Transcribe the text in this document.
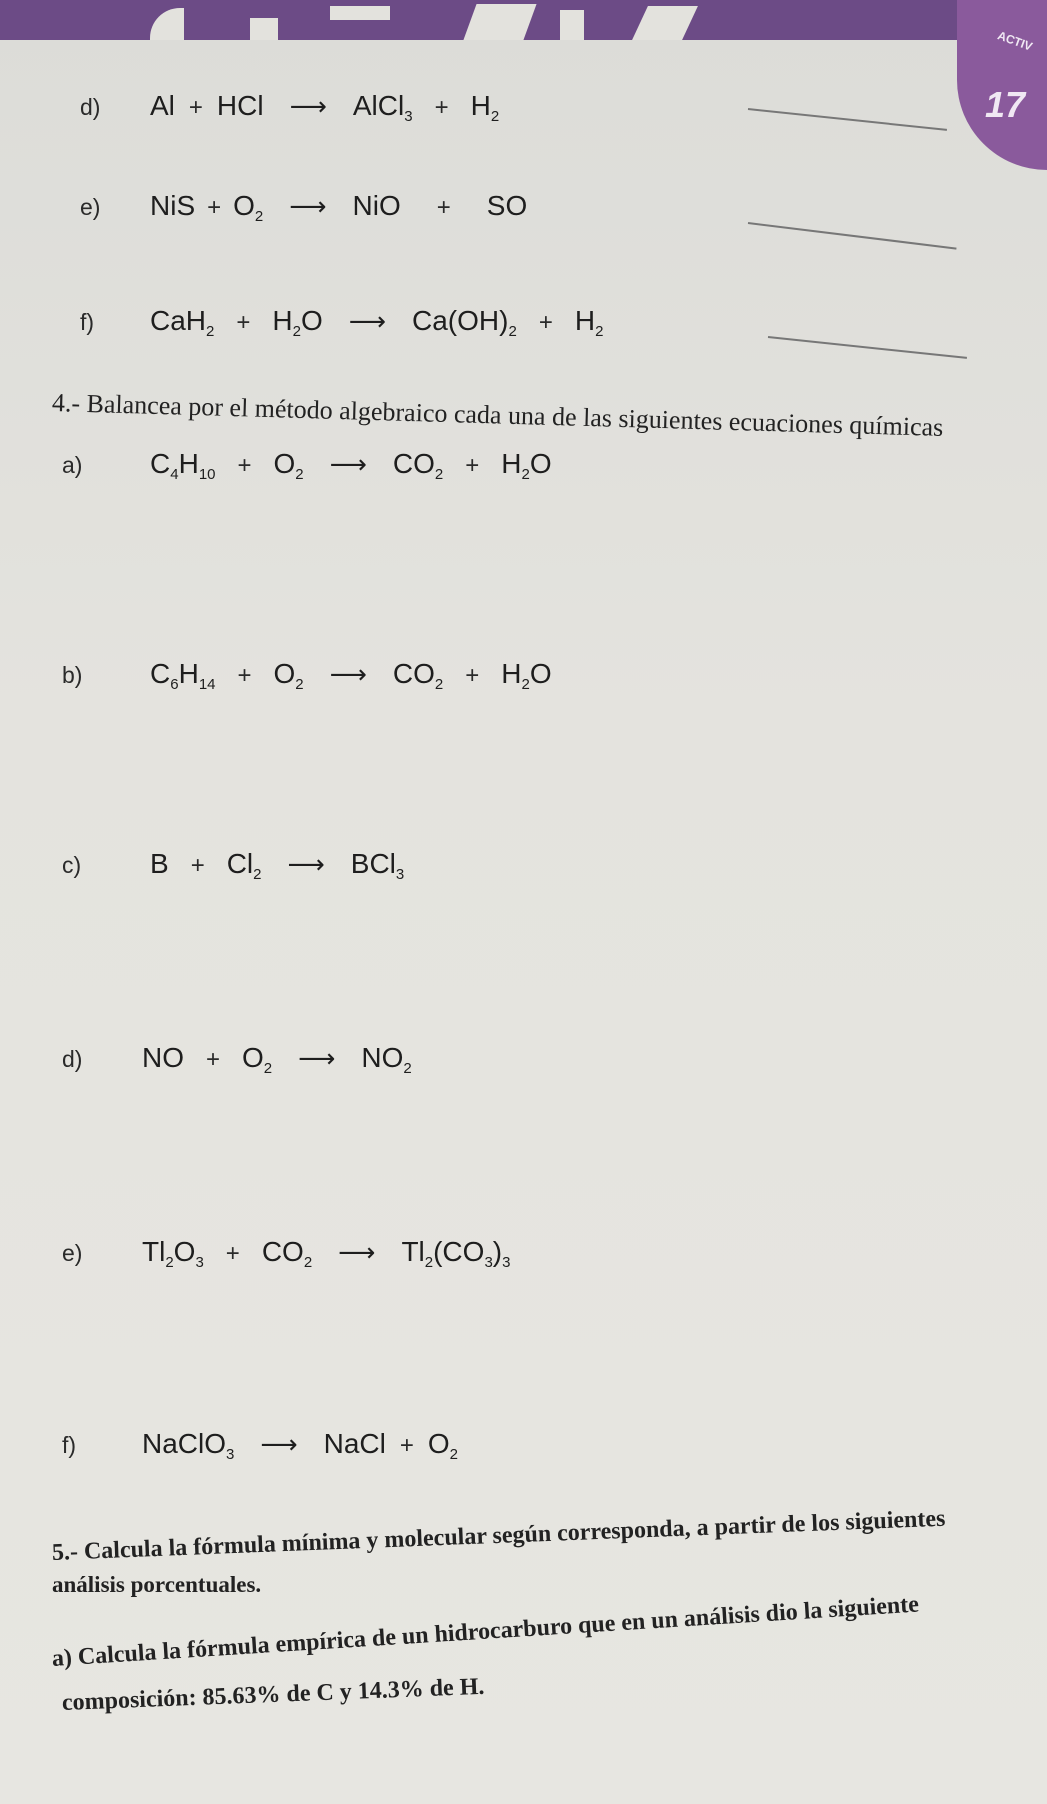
ACTIV
17
d)	Al + HCl ⟶ AlCl$_3$ + $H_2$
e)	NiS + $O_2$ ⟶ NiO + SO
f)	$CaH_2 + H_2O$ ⟶ $Ca(OH)_2 + H_2$
4.- Balancea por el método algebraico cada una de las siguientes ecuaciones químicas
a)	$C_4H_{10} + O_2$ ⟶ $CO_2 + H_2O$
b)	$C_6H_{14} + O_2$ ⟶ $CO_2 + H_2O$
c)	$B + Cl_2$ ⟶ BCl$_3$
d)	NO + $O_2$ ⟶ $NO_2$
e)	$Tl_2O_3 + CO_2$ ⟶ $Tl_2(CO_3)_3$
f)	NaClO$_3$ ⟶ NaCl + $O_2$
5.- Calcula la fórmula mínima y molecular según corresponda, a partir de los siguientes
análisis porcentuales.
a) Calcula la fórmula empírica de un hidrocarburo que en un análisis dio la siguiente
composición: 85.63% de C y 14.3% de H.
